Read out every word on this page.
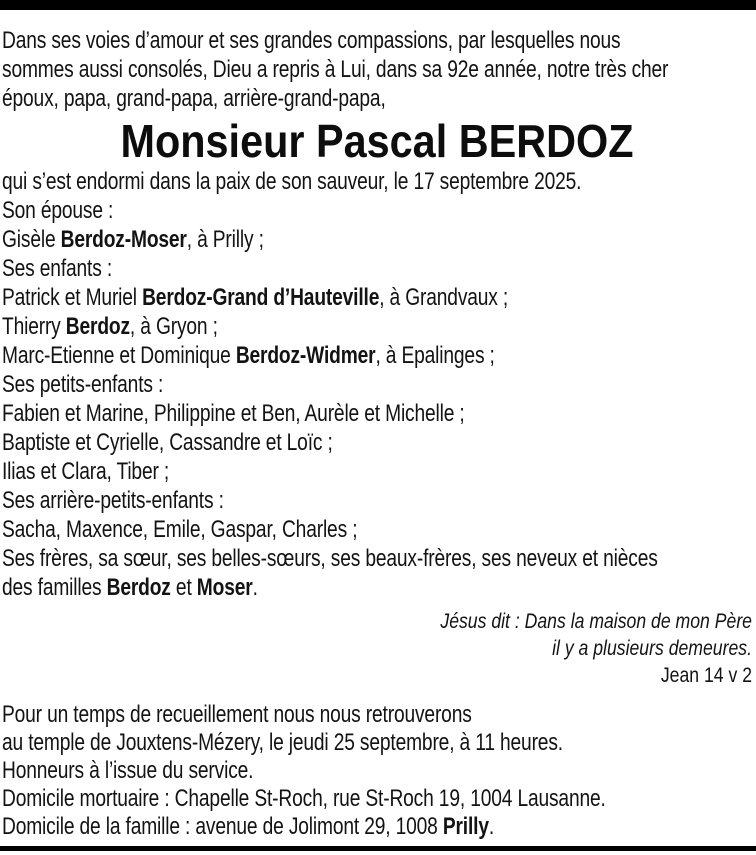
Dans ses voies d’amour et ses grandes compassions, par lesquelles nous
sommes aussi consolés, Dieu a repris à Lui, dans sa 92e année, notre très cher
époux, papa, grand-papa, arrière-grand-papa,
Monsieur Pascal BERDOZ
qui s’est endormi dans la paix de son sauveur, le 17 septembre 2025.
Son épouse :
Gisèle Berdoz-Moser, à Prilly ;
Ses enfants :
Patrick et Muriel Berdoz-Grand d’Hauteville, à Grandvaux ;
Thierry Berdoz, à Gryon ;
Marc-Etienne et Dominique Berdoz-Widmer, à Epalinges ;
Ses petits-enfants :
Fabien et Marine, Philippine et Ben, Aurèle et Michelle ;
Baptiste et Cyrielle, Cassandre et Loïc ;
Ilias et Clara, Tiber ;
Ses arrière-petits-enfants :
Sacha, Maxence, Emile, Gaspar, Charles ;
Ses frères, sa sœur, ses belles-sœurs, ses beaux-frères, ses neveux et nièces
des familles Berdoz et Moser.
Jésus dit : Dans la maison de mon Père
il y a plusieurs demeures.
Jean 14 v 2
Pour un temps de recueillement nous nous retrouverons
au temple de Jouxtens-Mézery, le jeudi 25 septembre, à 11 heures.
Honneurs à l’issue du service.
Domicile mortuaire : Chapelle St-Roch, rue St-Roch 19, 1004 Lausanne.
Domicile de la famille : avenue de Jolimont 29, 1008 Prilly.
